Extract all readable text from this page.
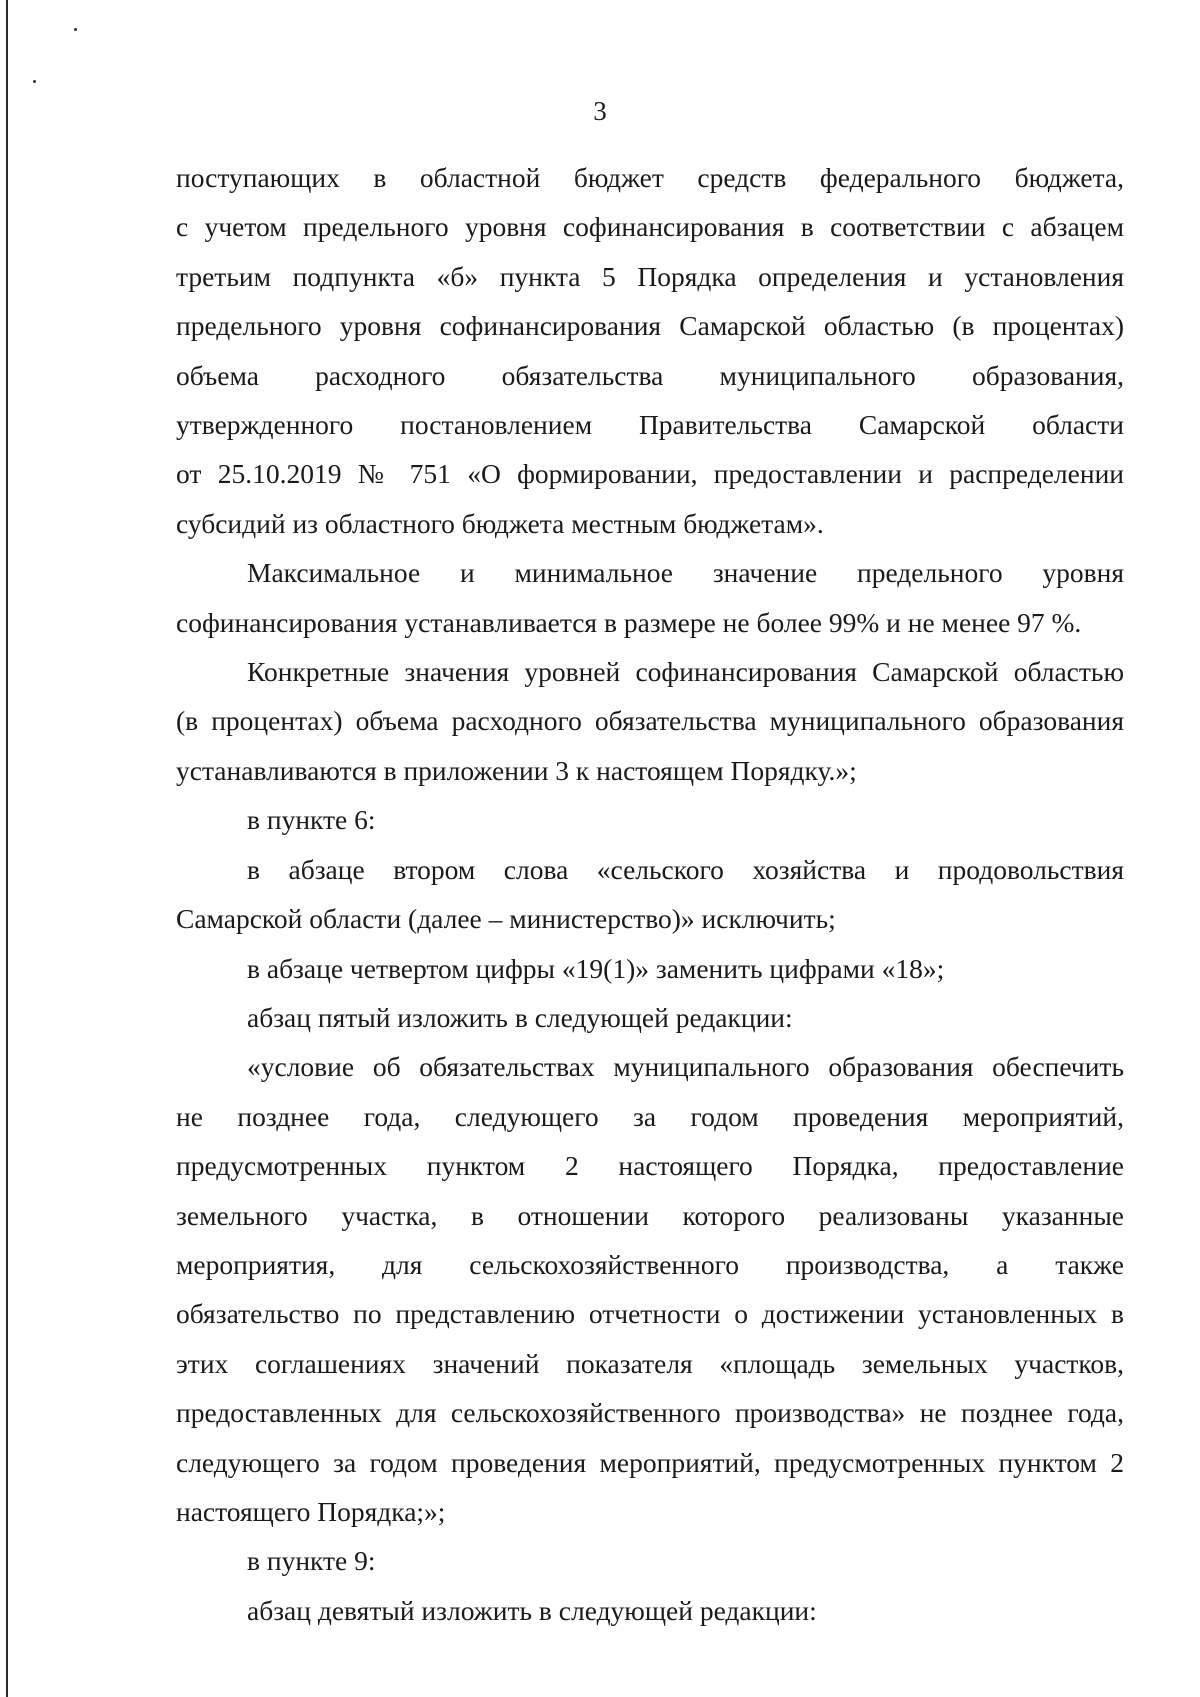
3
поступающих в областной бюджет средств федерального бюджета,
с учетом предельного уровня софинансирования в соответствии с абзацем
третьим подпункта «б» пункта 5 Порядка определения и установления
предельного уровня софинансирования Самарской областью (в процентах)
объема расходного обязательства муниципального образования,
утвержденного постановлением Правительства Самарской области
от 25.10.2019 № 751 «О формировании, предоставлении и распределении
субсидий из областного бюджета местным бюджетам».
Максимальное и минимальное значение предельного уровня
софинансирования устанавливается в размере не более 99% и не менее 97 %.
Конкретные значения уровней софинансирования Самарской областью
(в процентах) объема расходного обязательства муниципального образования
устанавливаются в приложении 3 к настоящем Порядку.»;
в пункте 6:
в абзаце втором слова «сельского хозяйства и продовольствия
Самарской области (далее – министерство)» исключить;
в абзаце четвертом цифры «19(1)» заменить цифрами «18»;
абзац пятый изложить в следующей редакции:
«условие об обязательствах муниципального образования обеспечить
не позднее года, следующего за годом проведения мероприятий,
предусмотренных пунктом 2 настоящего Порядка, предоставление
земельного участка, в отношении которого реализованы указанные
мероприятия, для сельскохозяйственного производства, а также
обязательство по представлению отчетности о достижении установленных в
этих соглашениях значений показателя «площадь земельных участков,
предоставленных для сельскохозяйственного производства» не позднее года,
следующего за годом проведения мероприятий, предусмотренных пунктом 2
настоящего Порядка;»;
в пункте 9:
абзац девятый изложить в следующей редакции:
